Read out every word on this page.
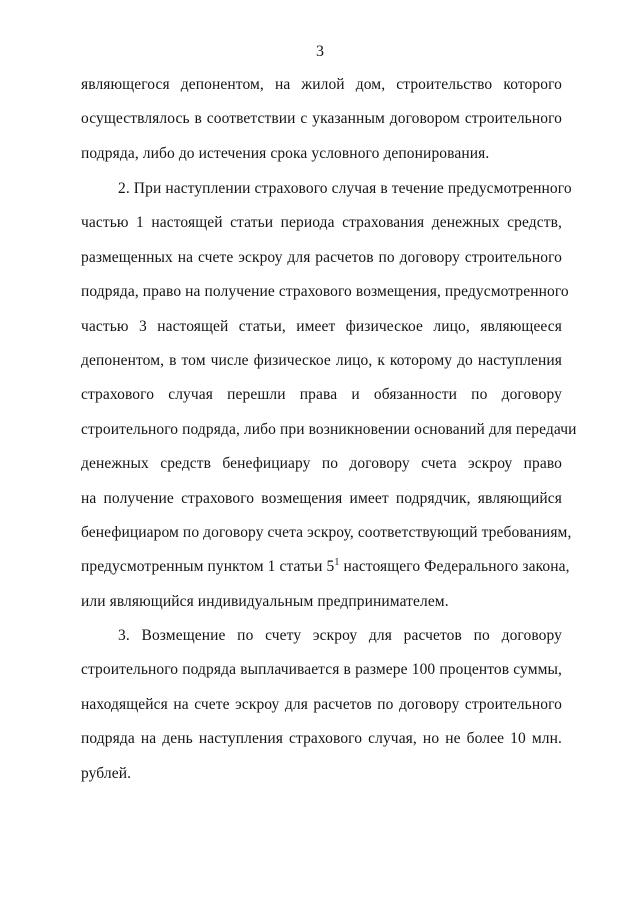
3
являющегося депонентом, на жилой дом, строительство которого
осуществлялось в соответствии с указанным договором строительного
подряда, либо до истечения срока условного депонирования.
2. При наступлении страхового случая в течение предусмотренного
частью 1 настоящей статьи периода страхования денежных средств,
размещенных на счете эскроу для расчетов по договору строительного
подряда, право на получение страхового возмещения, предусмотренного
частью 3 настоящей статьи, имеет физическое лицо, являющееся
депонентом, в том числе физическое лицо, к которому до наступления
страхового случая перешли права и обязанности по договору
строительного подряда, либо при возникновении оснований для передачи
денежных средств бенефициару по договору счета эскроу право
на получение страхового возмещения имеет подрядчик, являющийся
бенефициаром по договору счета эскроу, соответствующий требованиям,
предусмотренным пунктом 1 статьи $5^1$ настоящего Федерального закона,
или являющийся индивидуальным предпринимателем.
3. Возмещение по счету эскроу для расчетов по договору
строительного подряда выплачивается в размере 100 процентов суммы,
находящейся на счете эскроу для расчетов по договору строительного
подряда на день наступления страхового случая, но не более 10 млн.
рублей.
